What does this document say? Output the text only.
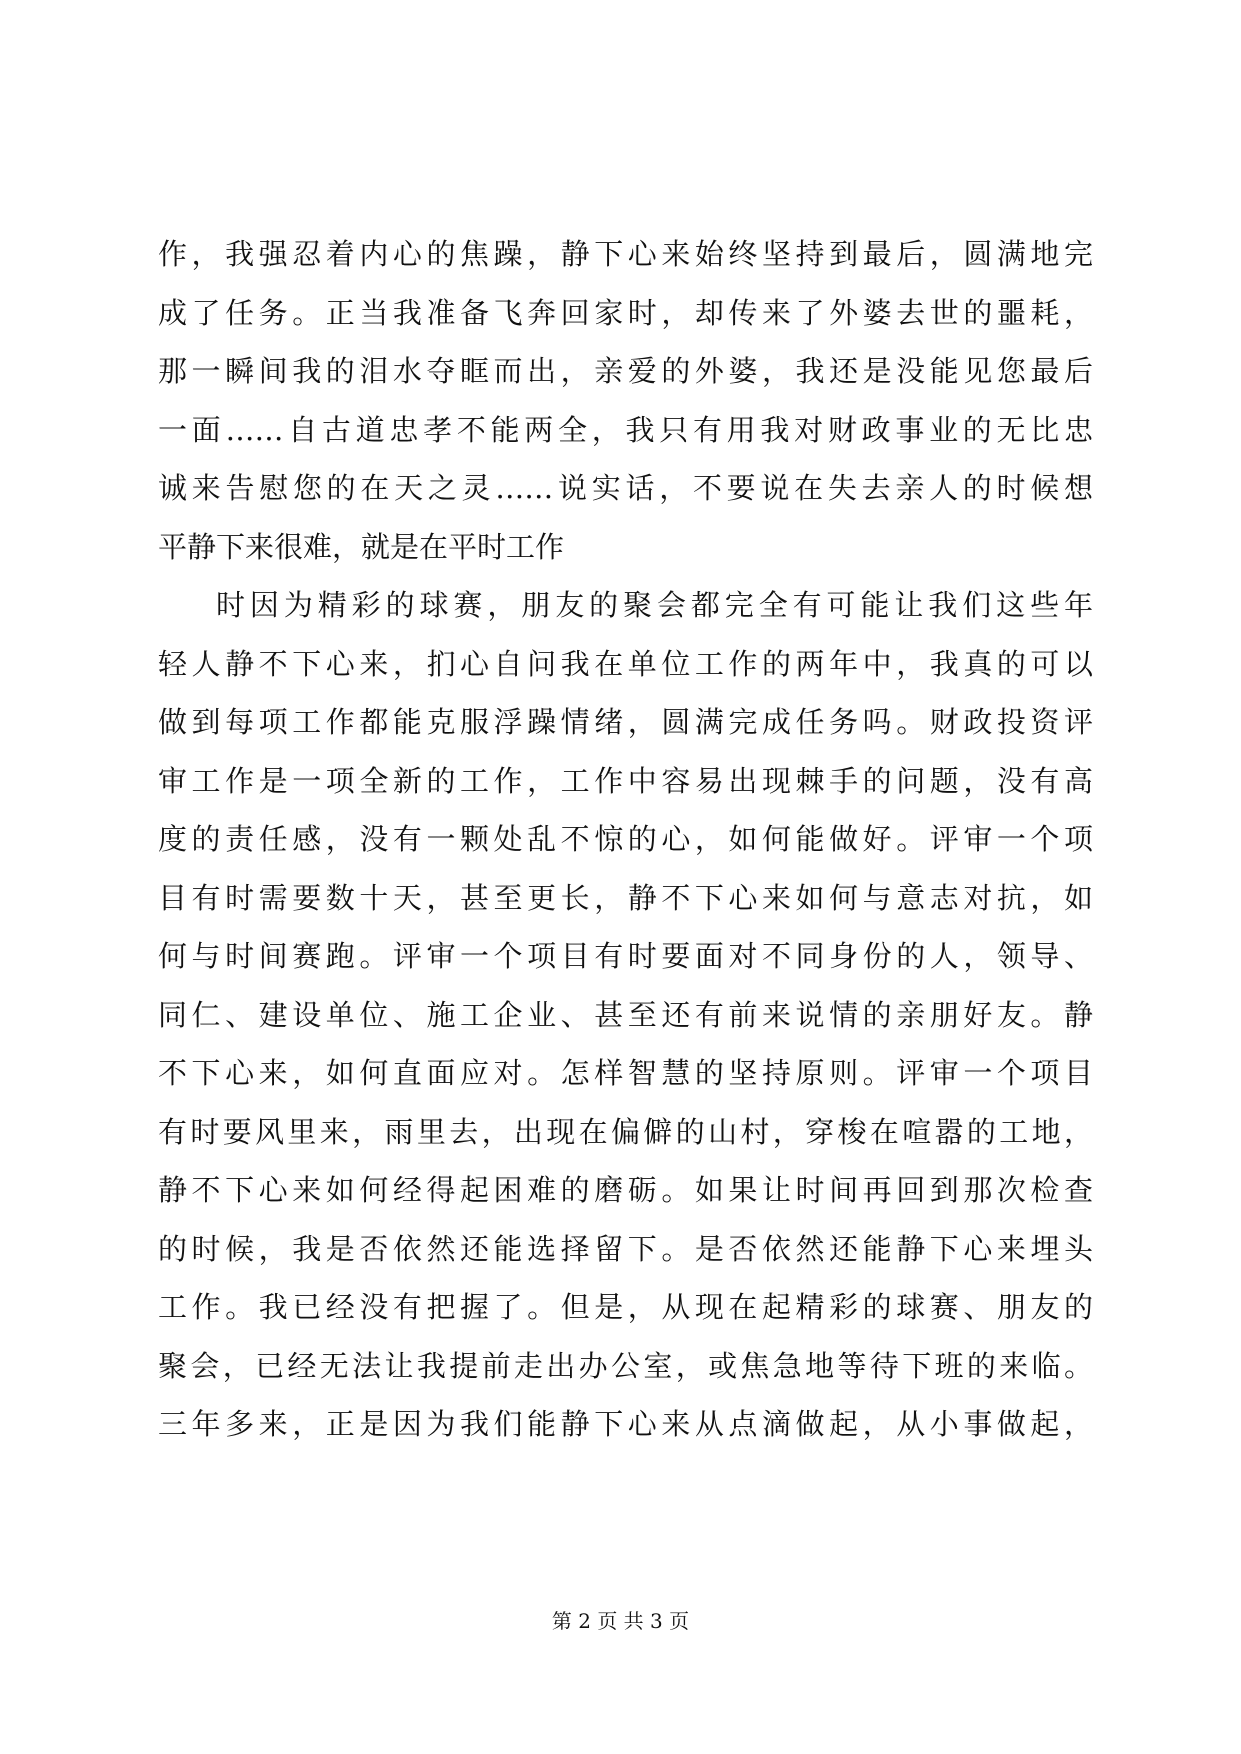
作，我强忍着内心的焦躁，静下心来始终坚持到最后，圆满地完
成了任务。正当我准备飞奔回家时，却传来了外婆去世的噩耗，
那一瞬间我的泪水夺眶而出，亲爱的外婆，我还是没能见您最后
一面……自古道忠孝不能两全，我只有用我对财政事业的无比忠
诚来告慰您的在天之灵……说实话，不要说在失去亲人的时候想
平静下来很难，就是在平时工作
时因为精彩的球赛，朋友的聚会都完全有可能让我们这些年
轻人静不下心来，扪心自问我在单位工作的两年中，我真的可以
做到每项工作都能克服浮躁情绪，圆满完成任务吗。财政投资评
审工作是一项全新的工作，工作中容易出现棘手的问题，没有高
度的责任感，没有一颗处乱不惊的心，如何能做好。评审一个项
目有时需要数十天，甚至更长，静不下心来如何与意志对抗，如
何与时间赛跑。评审一个项目有时要面对不同身份的人，领导、
同仁、建设单位、施工企业、甚至还有前来说情的亲朋好友。静
不下心来，如何直面应对。怎样智慧的坚持原则。评审一个项目
有时要风里来，雨里去，出现在偏僻的山村，穿梭在喧嚣的工地，
静不下心来如何经得起困难的磨砺。如果让时间再回到那次检查
的时候，我是否依然还能选择留下。是否依然还能静下心来埋头
工作。我已经没有把握了。但是，从现在起精彩的球赛、朋友的
聚会，已经无法让我提前走出办公室，或焦急地等待下班的来临。
三年多来，正是因为我们能静下心来从点滴做起，从小事做起，
第 2 页 共 3 页
